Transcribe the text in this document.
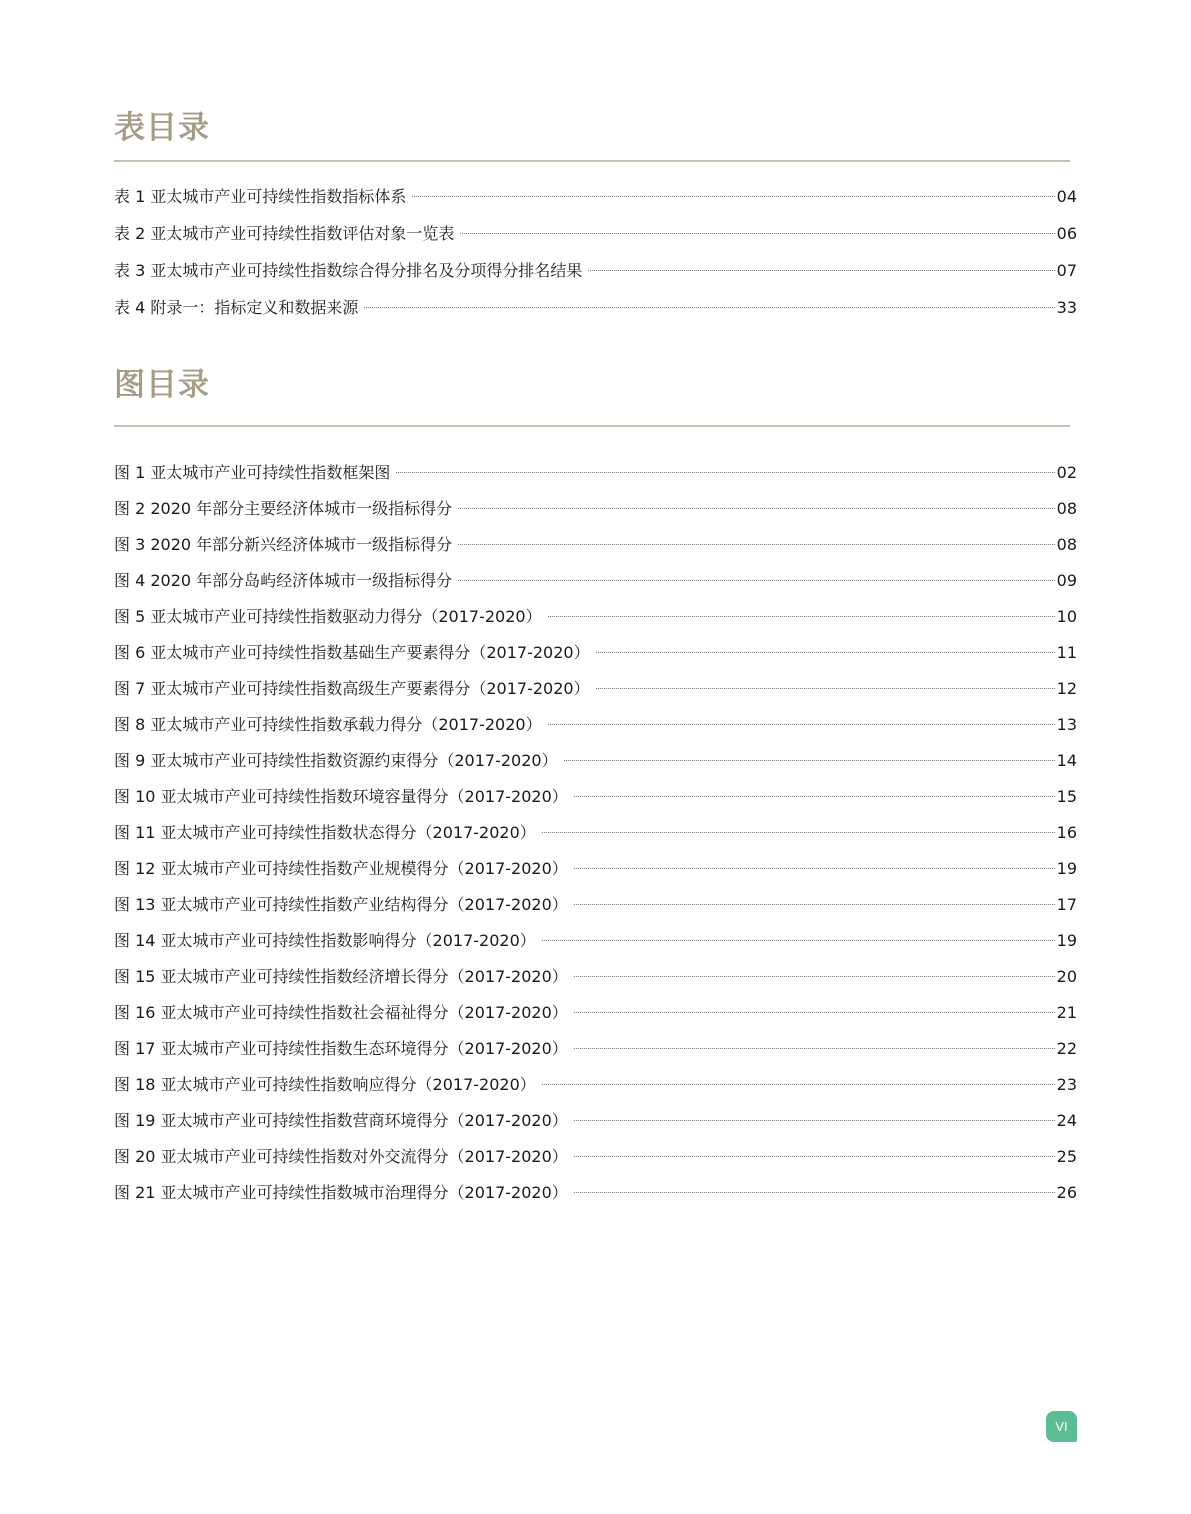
表目录
表 1 亚太城市产业可持续性指数指标体系	04
表 2 亚太城市产业可持续性指数评估对象一览表	06
表 3 亚太城市产业可持续性指数综合得分排名及分项得分排名结果	07
表 4 附录一：指标定义和数据来源	33
图目录
图 1 亚太城市产业可持续性指数框架图	02
图 2 2020 年部分主要经济体城市一级指标得分	08
图 3 2020 年部分新兴经济体城市一级指标得分	08
图 4 2020 年部分岛屿经济体城市一级指标得分	09
图 5 亚太城市产业可持续性指数驱动力得分（2017-2020）	10
图 6 亚太城市产业可持续性指数基础生产要素得分（2017-2020）	11
图 7 亚太城市产业可持续性指数高级生产要素得分（2017-2020）	12
图 8 亚太城市产业可持续性指数承载力得分（2017-2020）	13
图 9 亚太城市产业可持续性指数资源约束得分（2017-2020）	14
图 10 亚太城市产业可持续性指数环境容量得分（2017-2020）	15
图 11 亚太城市产业可持续性指数状态得分（2017-2020）	16
图 12 亚太城市产业可持续性指数产业规模得分（2017-2020）	19
图 13 亚太城市产业可持续性指数产业结构得分（2017-2020）	17
图 14 亚太城市产业可持续性指数影响得分（2017-2020）	19
图 15 亚太城市产业可持续性指数经济增长得分（2017-2020）	20
图 16 亚太城市产业可持续性指数社会福祉得分（2017-2020）	21
图 17 亚太城市产业可持续性指数生态环境得分（2017-2020）	22
图 18 亚太城市产业可持续性指数响应得分（2017-2020）	23
图 19 亚太城市产业可持续性指数营商环境得分（2017-2020）	24
图 20 亚太城市产业可持续性指数对外交流得分（2017-2020）	25
图 21 亚太城市产业可持续性指数城市治理得分（2017-2020）	26
VI
